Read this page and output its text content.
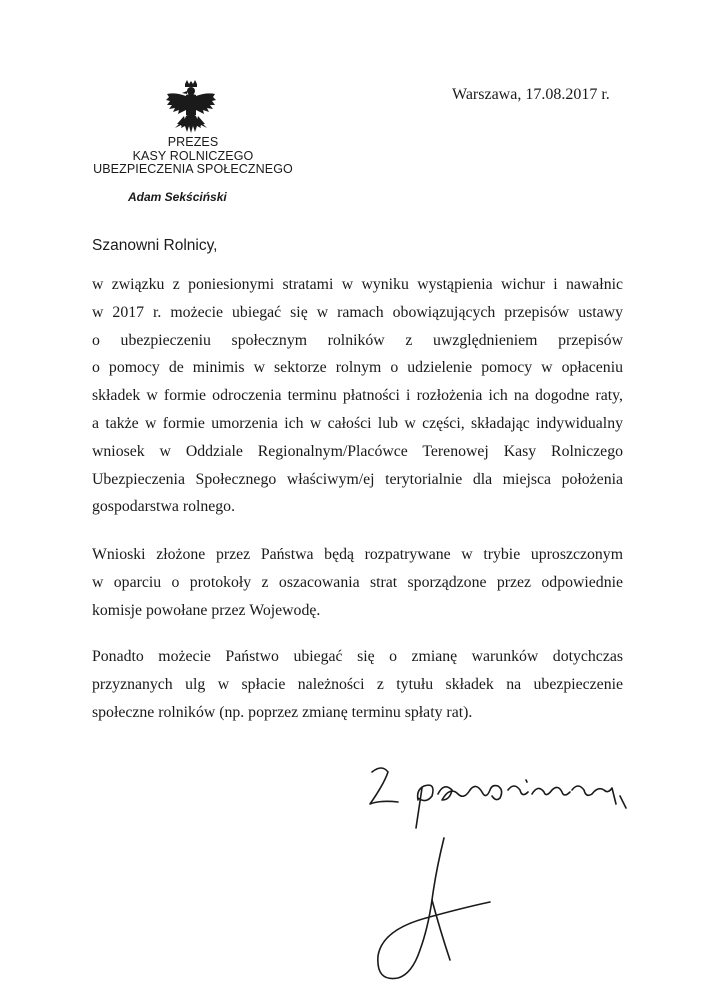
PREZES
KASY ROLNICZEGO
UBEZPIECZENIA SPOŁECZNEGO
Adam Sekściński
Warszawa, 17.08.2017 r.
Szanowni Rolnicy,
w związku z poniesionymi stratami w wyniku wystąpienia wichur i nawałnic
w 2017 r. możecie ubiegać się w ramach obowiązujących przepisów ustawy
o ubezpieczeniu społecznym rolników z uwzględnieniem przepisów
o pomocy de minimis w sektorze rolnym o udzielenie pomocy w opłaceniu
składek w formie odroczenia terminu płatności i rozłożenia ich na dogodne raty,
a także w formie umorzenia ich w całości lub w części, składając indywidualny
wniosek w Oddziale Regionalnym/Placówce Terenowej Kasy Rolniczego
Ubezpieczenia Społecznego właściwym/ej terytorialnie dla miejsca położenia
gospodarstwa rolnego.
Wnioski złożone przez Państwa będą rozpatrywane w trybie uproszczonym
w oparciu o protokoły z oszacowania strat sporządzone przez odpowiednie
komisje powołane przez Wojewodę.
Ponadto możecie Państwo ubiegać się o zmianę warunków dotychczas
przyznanych ulg w spłacie należności z tytułu składek na ubezpieczenie
społeczne rolników (np. poprzez zmianę terminu spłaty rat).
